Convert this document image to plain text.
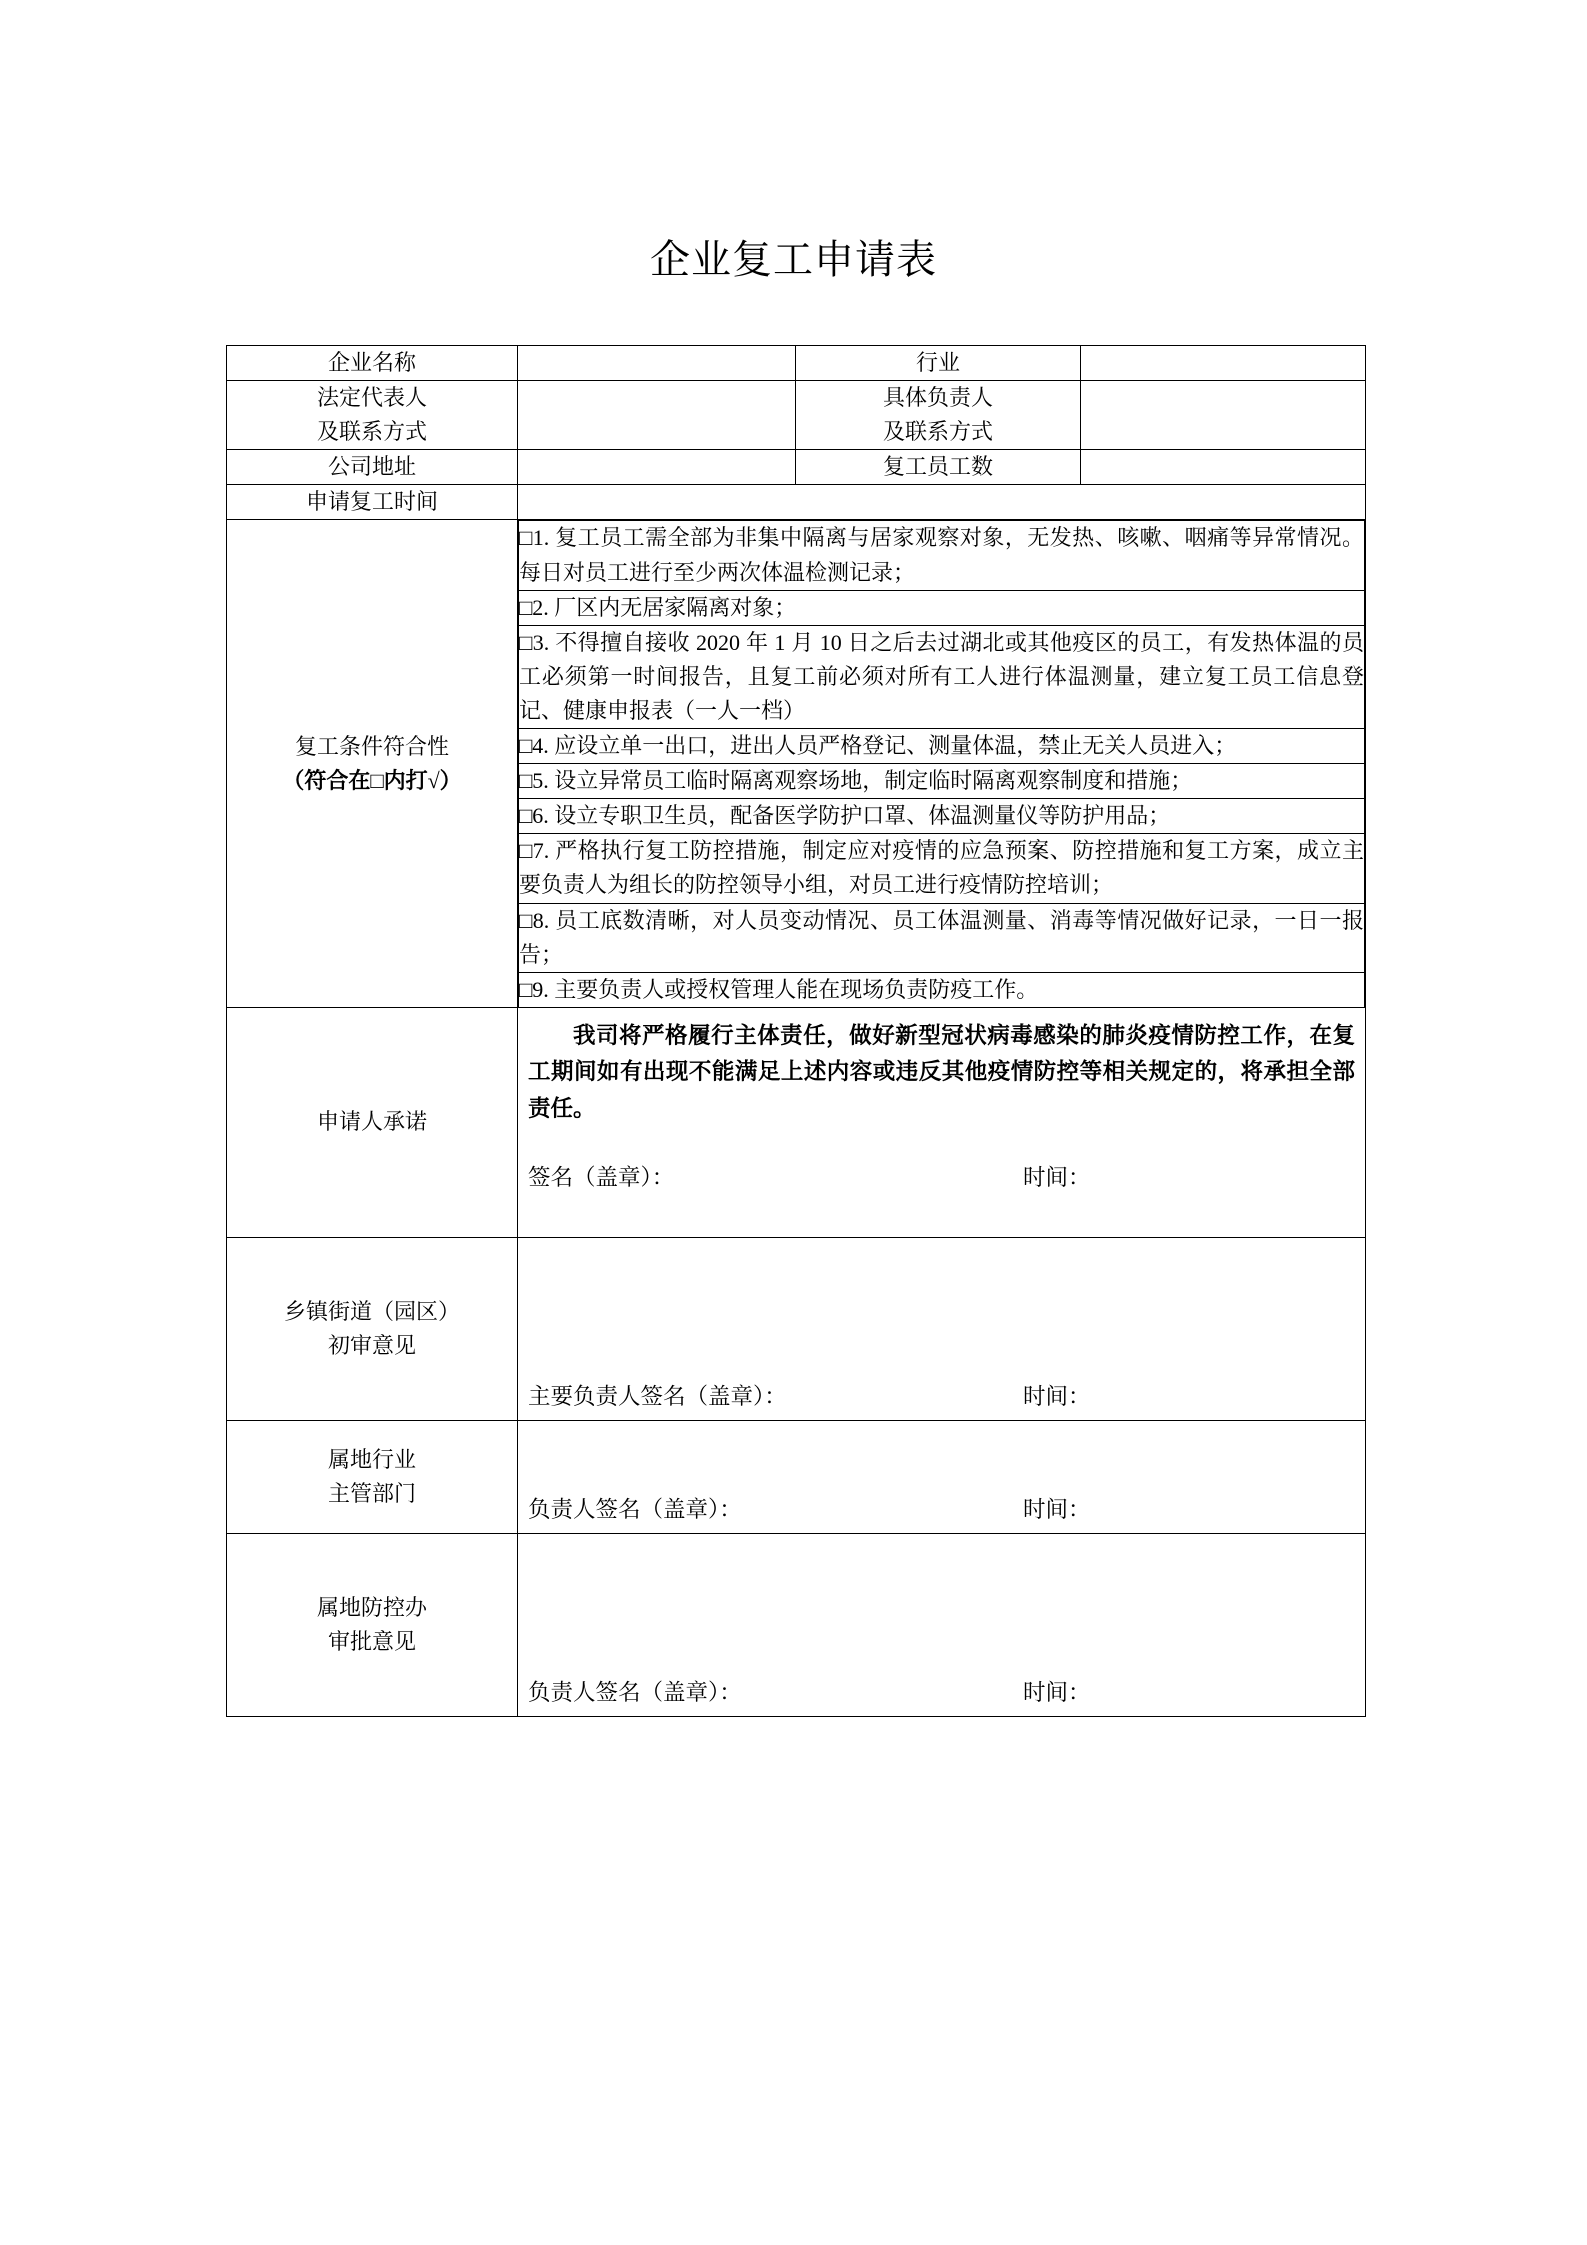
企业复工申请表
企业名称		行业	

法定代表人
及联系方式

具体负责人
及联系方式

公司地址		复工员工数	
申请复工时间	

复工条件符合性
（符合在□内打√）

□1. 复工员工需全部为非集中隔离与居家观察对象，无发热、咳嗽、咽痛等异常情况。每日对员工进行至少两次体温检测记录；
□2. 厂区内无居家隔离对象；
□3. 不得擅自接收 2020 年 1 月 10 日之后去过湖北或其他疫区的员工，有发热体温的员工必须第一时间报告，且复工前必须对所有工人进行体温测量，建立复工员工信息登记、健康申报表（一人一档）
□4. 应设立单一出口，进出人员严格登记、测量体温，禁止无关人员进入；
□5. 设立异常员工临时隔离观察场地，制定临时隔离观察制度和措施；
□6. 设立专职卫生员，配备医学防护口罩、体温测量仪等防护用品；
□7. 严格执行复工防控措施，制定应对疫情的应急预案、防控措施和复工方案，成立主要负责人为组长的防控领导小组，对员工进行疫情防控培训；
□8. 员工底数清晰，对人员变动情况、员工体温测量、消毒等情况做好记录，一日一报告；
□9. 主要负责人或授权管理人能在现场负责防疫工作。

申请人承诺	
我司将严格履行主体责任，做好新型冠状病毒感染的肺炎疫情防控工作，在复工期间如有出现不能满足上述内容或违反其他疫情防控等相关规定的，将承担全部责任。
签名（盖章）：	时间：

乡镇街道（园区）
初审意见

主要负责人签名（盖章）：	时间：

属地行业
主管部门

负责人签名（盖章）：	时间：

属地防控办
审批意见

负责人签名（盖章）：	时间：
